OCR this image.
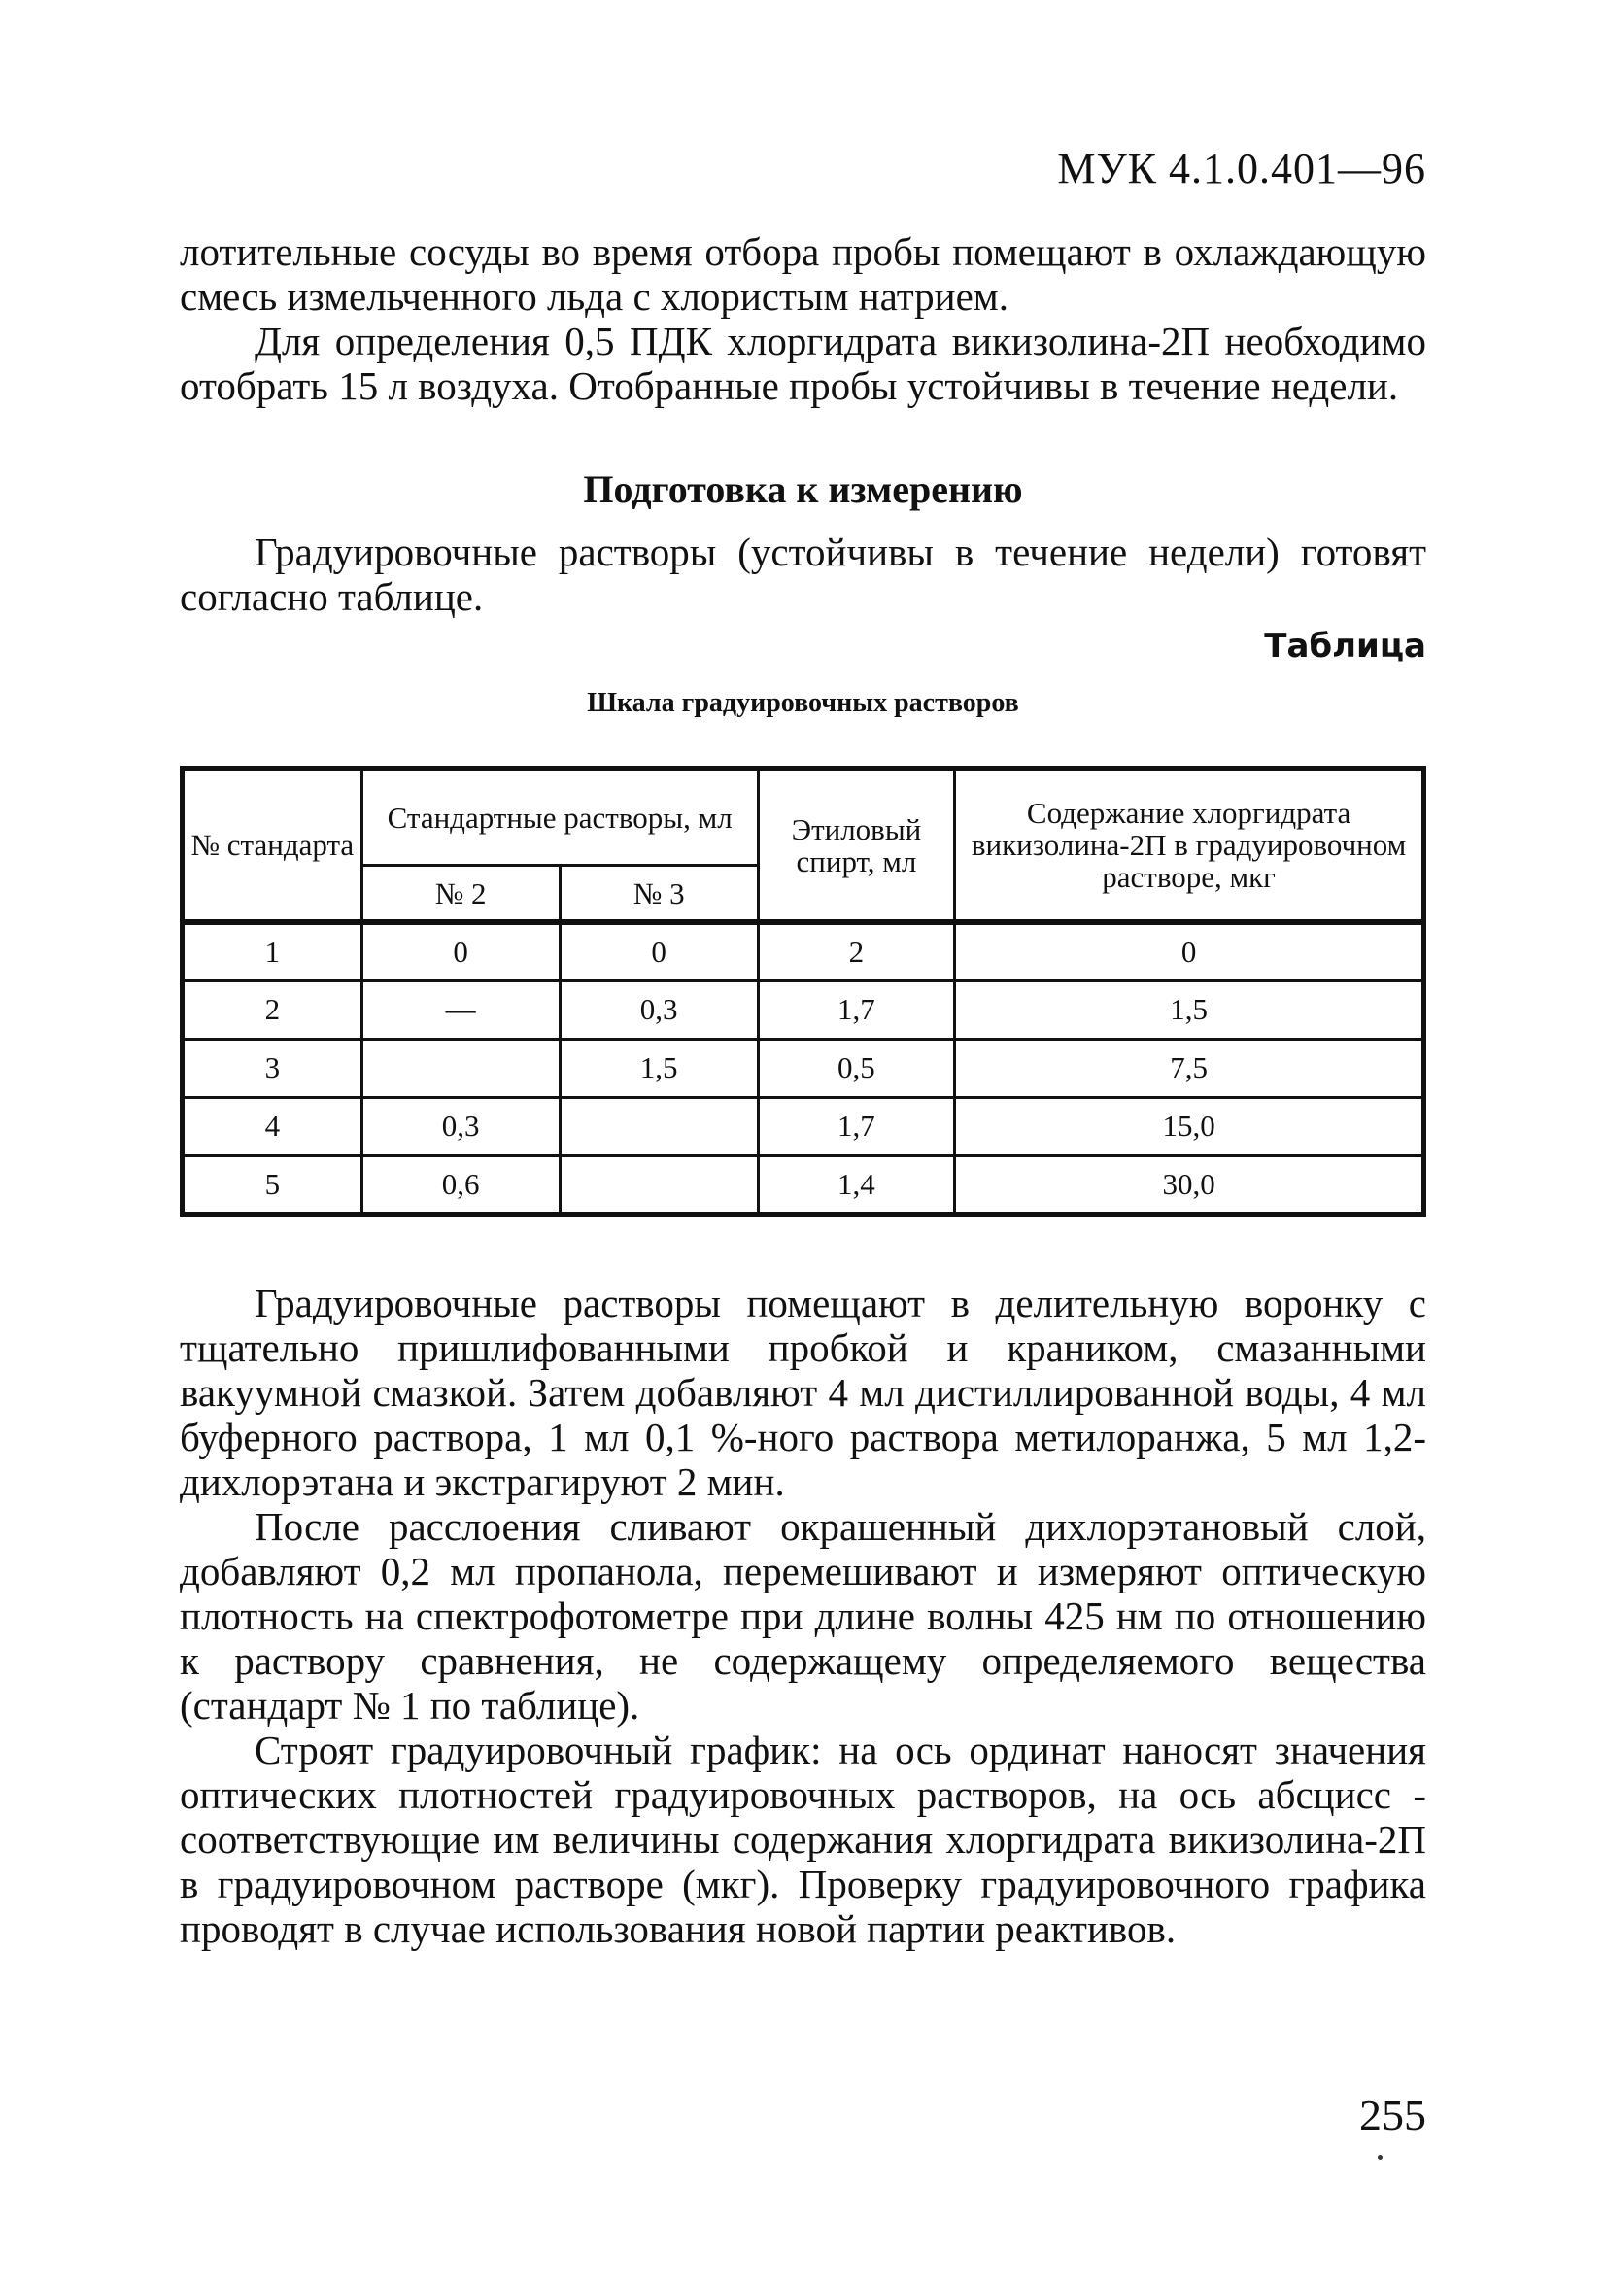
МУК 4.1.0.401—96

лотительные сосуды во время отбора пробы помещают в охлаждающую смесь измельченного льда с хлористым натрием.

Для определения 0,5 ПДК хлоргидрата викизолина-2П необходимо отобрать 15 л воздуха. Отобранные пробы устойчивы в течение недели.

Подготовка к измерению

Градуировочные растворы (устойчивы в течение недели) готовят согласно таблице.

Таблица
Шкала градуировочных растворов
№ стандарта	Стандартные растворы, мл		Этиловый спирт, мл	Содержание хлоргидрата викизолина-2П в градуировочном растворе, мкг
	№ 2	№ 3		
1	0	0	2	0
2	—	0,3	1,7	1,5
3		1,5	0,5	7,5
4	0,3		1,7	15,0
5	0,6		1,4	30,0

Градуировочные растворы помещают в делительную воронку с тщательно пришлифованными пробкой и краником, смазанными вакуумной смазкой. Затем добавляют 4 мл дистиллированной воды, 4 мл буферного раствора, 1 мл 0,1 %-ного раствора метилоранжа, 5 мл 1,2-дихлорэтана и экстрагируют 2 мин.

После расслоения сливают окрашенный дихлорэтановый слой, добавляют 0,2 мл пропанола, перемешивают и измеряют оптическую плотность на спектрофотометре при длине волны 425 нм по отношению к раствору сравнения, не содержащему определяемого вещества (стандарт № 1 по таблице).

Строят градуировочный график: на ось ординат наносят значения оптических плотностей градуировочных растворов, на ось абсцисс - соответствующие им величины содержания хлоргидрата викизолина-2П в градуировочном растворе (мкг). Проверку градуировочного графика проводят в случае использования новой партии реактивов.

255
